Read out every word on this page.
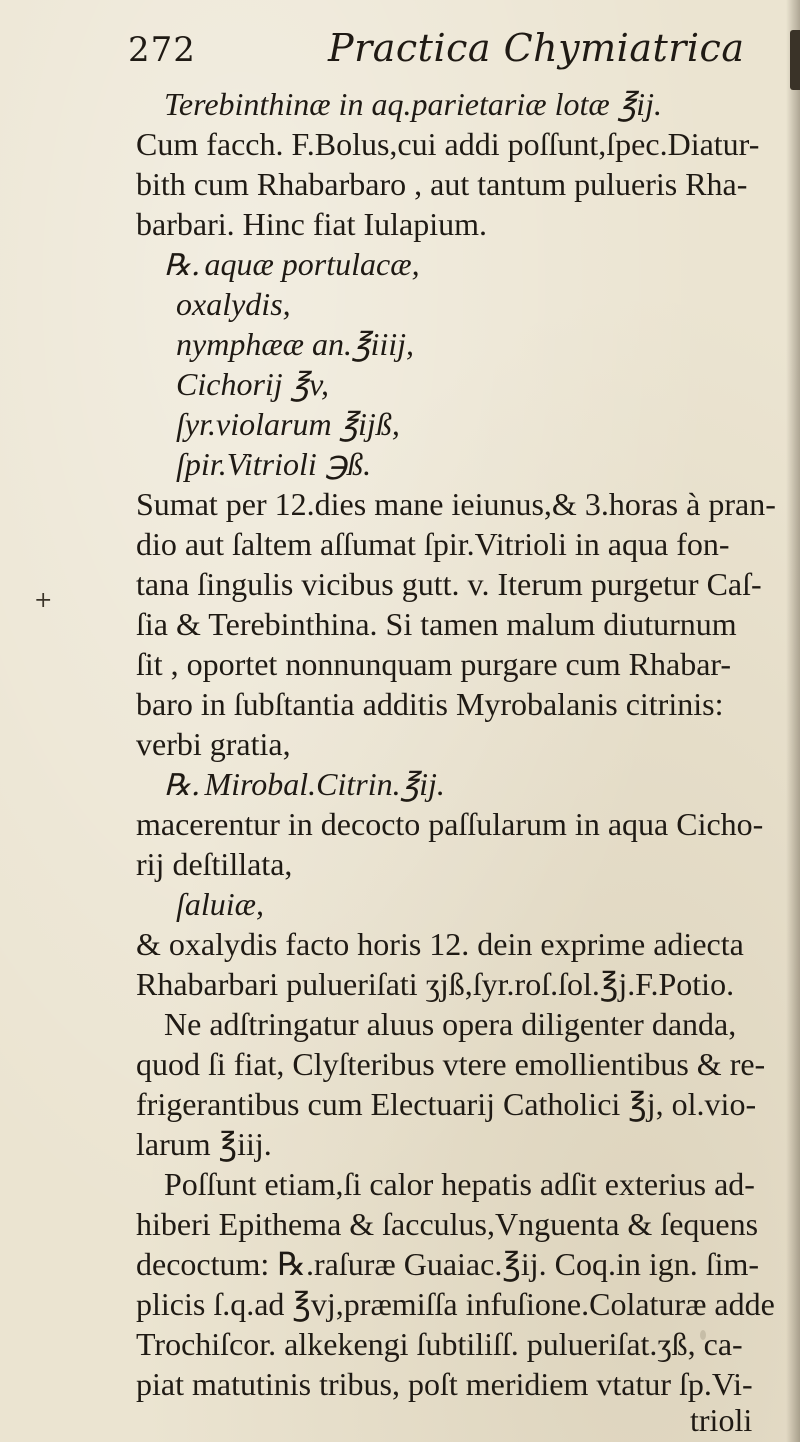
272	Practica Chymiatrica
+
Terebinthinæ in aq.parietariæ lotæ ℥ij.
Cum facch. F.Bolus,cui addi poſſunt,ſpec.Diatur-
bith cum Rhabarbaro , aut tantum pulueris Rha-
barbari. Hinc fiat Iulapium.
℞. aquæ portulacæ,
oxalydis,
nymphææ an.℥iiij,
Cichorij ℥v,
ſyr.violarum ℥ijß,
ſpir.Vitrioli ℈ß.
Sumat per 12.dies mane ieiunus,& 3.horas à pran-
dio aut ſaltem aſſumat ſpir.Vitrioli in aqua fon-
tana ſingulis vicibus gutt. v. Iterum purgetur Caſ-
ſia & Terebinthina. Si tamen malum diuturnum
ſit , oportet nonnunquam purgare cum Rhabar-
baro in ſubſtantia additis Myrobalanis citrinis:
verbi gratia,
℞. Mirobal.Citrin.℥ij.
macerentur in decocto paſſularum in aqua Cicho-
rij deſtillata,
ſaluiæ,
& oxalydis facto horis 12. dein exprime adiecta
Rhabarbari pulueriſati ʒjß,ſyr.roſ.ſol.℥j.F.Potio.
Ne adſtringatur aluus opera diligenter danda,
quod ſi fiat, Clyſteribus vtere emollientibus & re-
frigerantibus cum Electuarij Catholici ℥j, ol.vio-
larum ℥iij.
Poſſunt etiam,ſi calor hepatis adſit exterius ad-
hiberi Epithema & ſacculus,Vnguenta & ſequens
decoctum: ℞.raſuræ Guaiac.℥ij. Coq.in ign. ſim-
plicis ſ.q.ad ℥vj,præmiſſa infuſione.Colaturæ adde
Trochiſcor. alkekengi ſubtiliſſ. pulueriſat.ʒß, ca-
piat matutinis tribus, poſt meridiem vtatur ſp.Vi-
trioli
